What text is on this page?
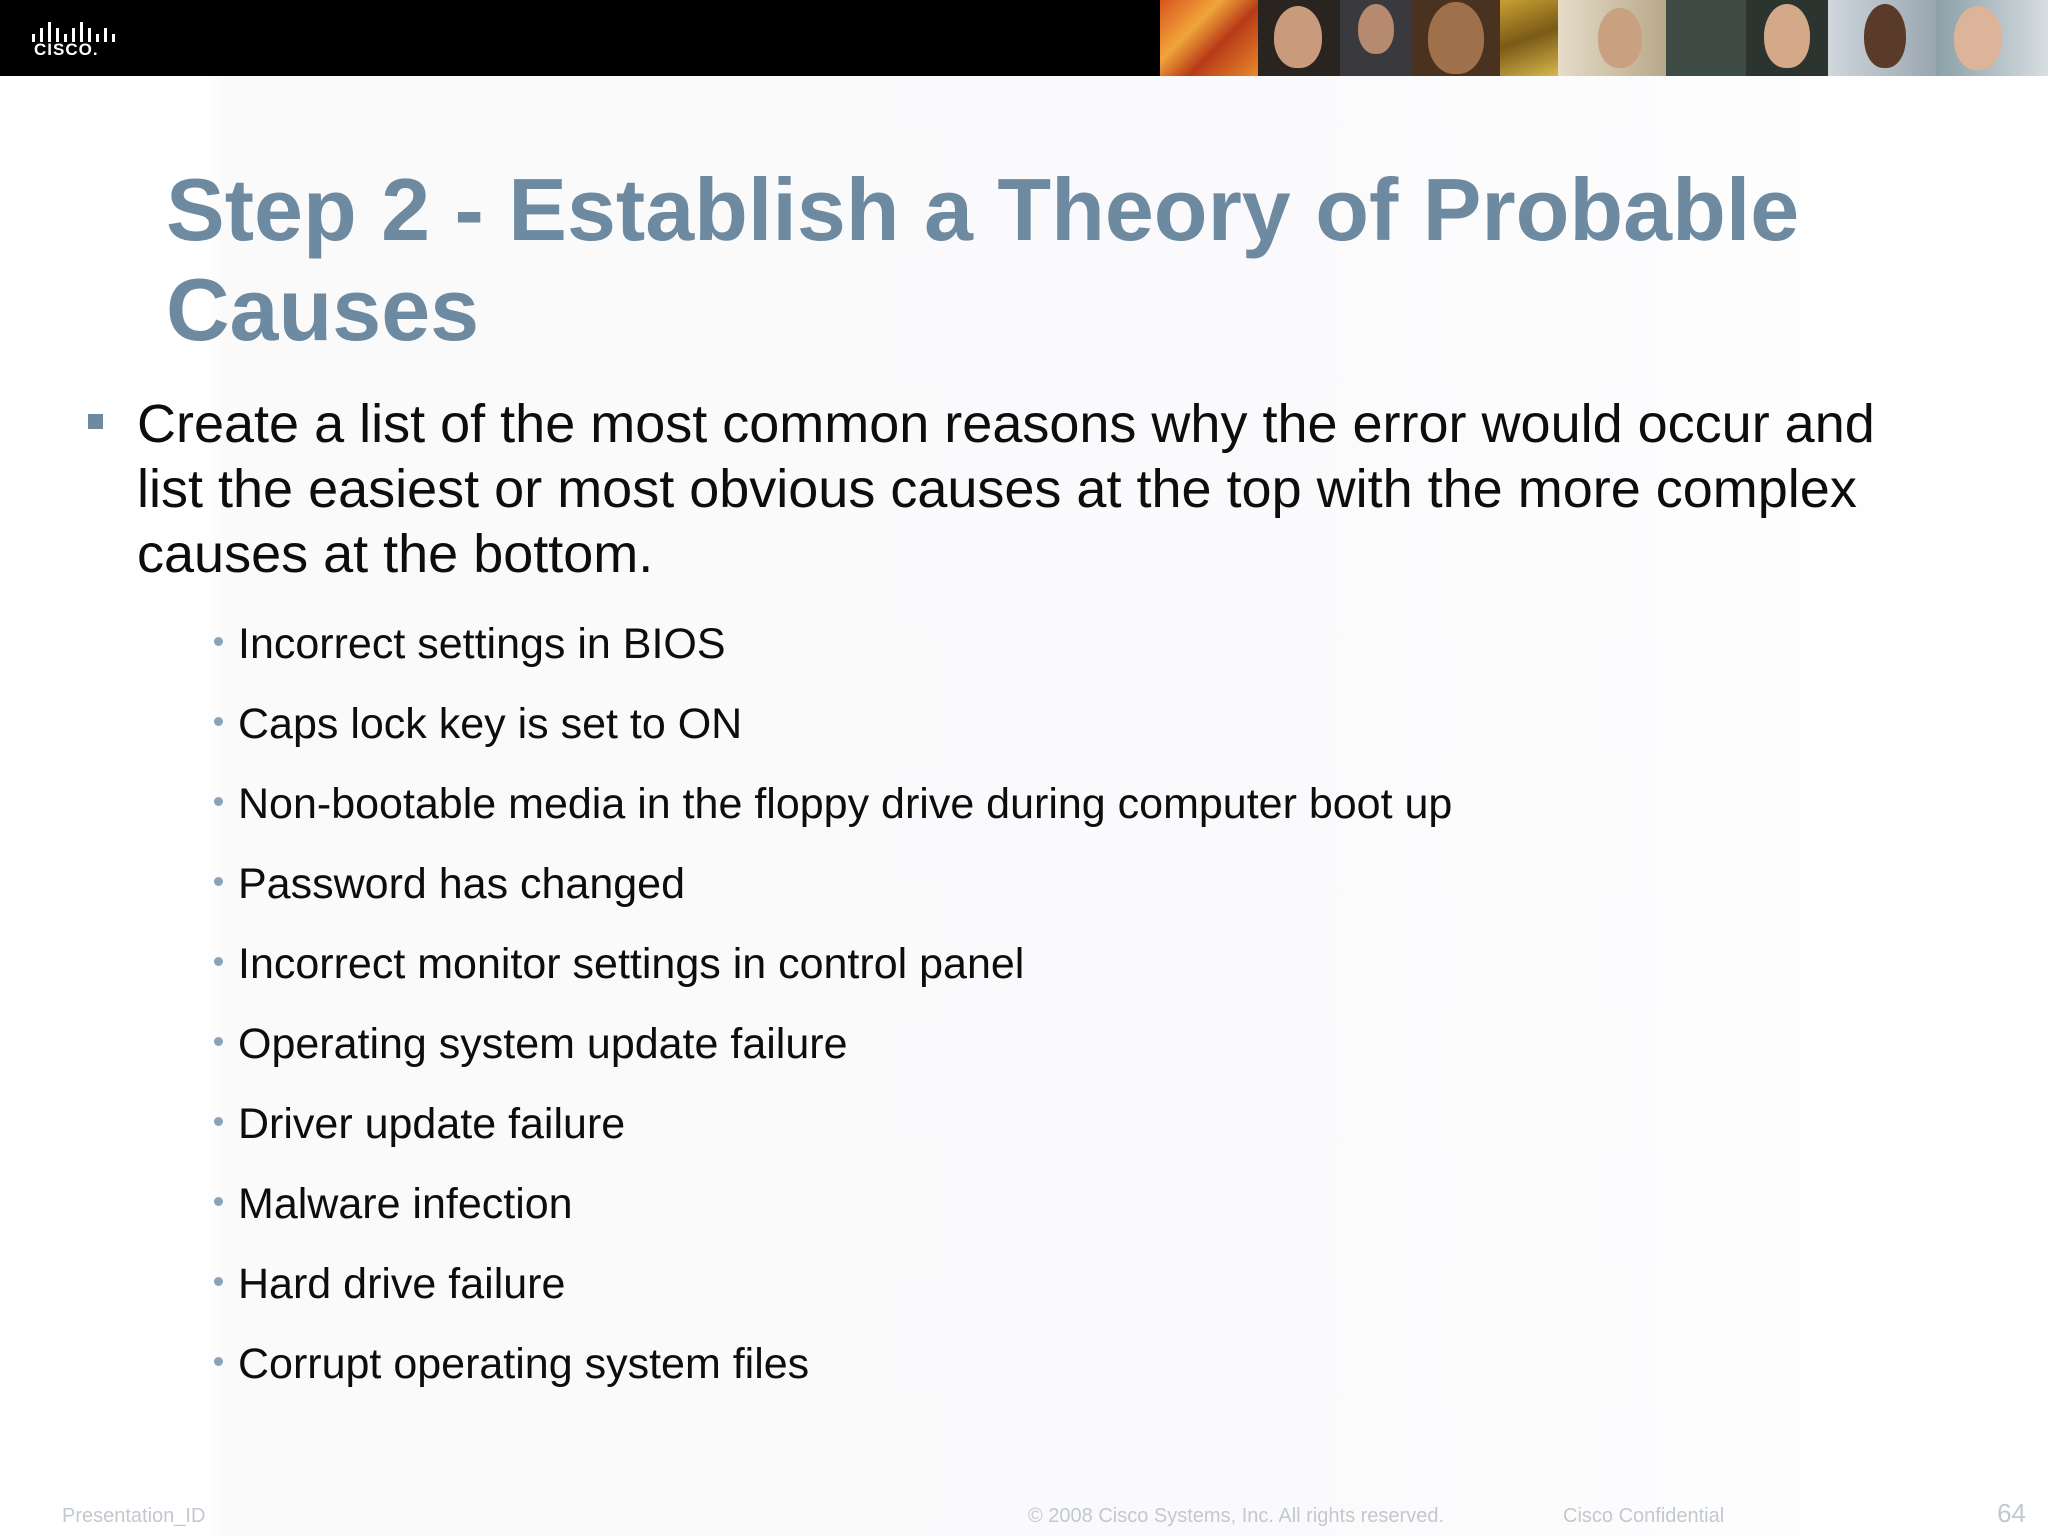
CISCO.
Step 2 - Establish a Theory of Probable Causes

Create a list of the most common reasons why the error would occur and list the easiest or most obvious causes at the top with the more complex causes at the bottom.

Incorrect settings in BIOS
Caps lock key is set to ON
Non-bootable media in the floppy drive during computer boot up
Password has changed
Incorrect monitor settings in control panel
Operating system update failure
Driver update failure
Malware infection
Hard drive failure
Corrupt operating system files
Presentation_ID	© 2008 Cisco Systems, Inc. All rights reserved.	Cisco Confidential	64
